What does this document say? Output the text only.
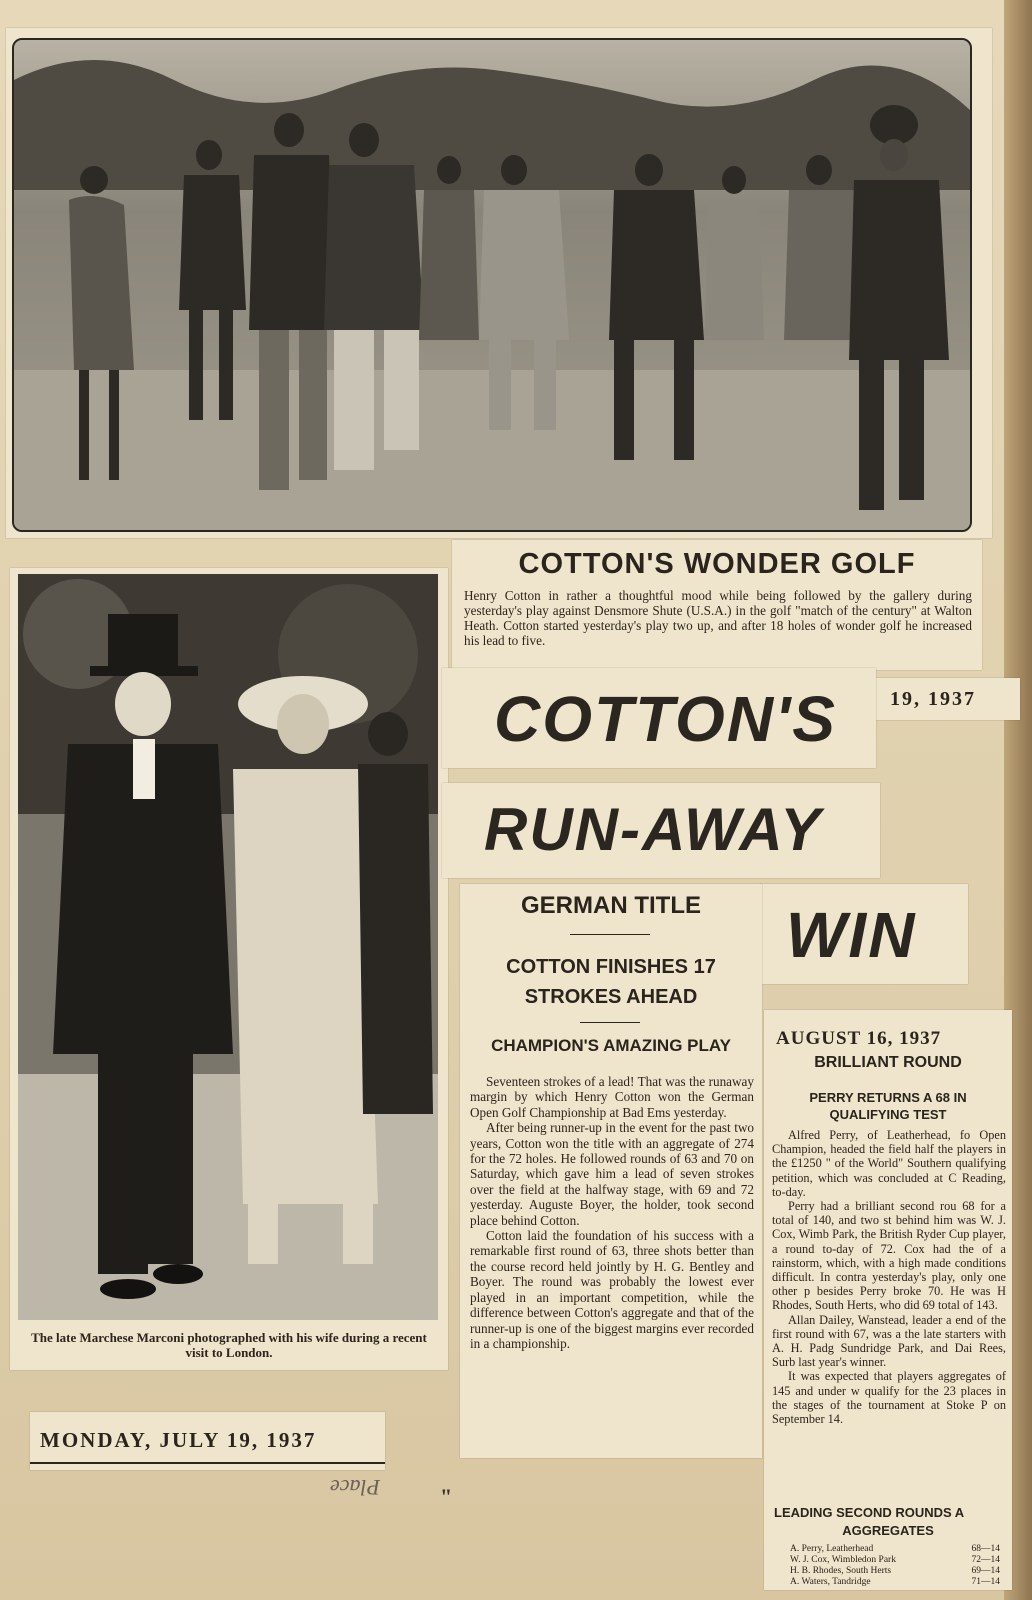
COTTON'S WONDER GOLF
Henry Cotton in rather a thoughtful mood while being followed by the gallery during yesterday's play against Densmore Shute (U.S.A.) in the golf "match of the century" at Walton Heath. Cotton started yesterday's play two up, and after 18 holes of wonder golf he increased his lead to five.
The late Marchese Marconi photographed with his wife during a recent visit to London.
MONDAY, JULY 19, 1937
19, 1937
COTTON'S
RUN-AWAY
WIN
GERMAN TITLE
COTTON FINISHES 17
STROKES AHEAD
CHAMPION'S AMAZING PLAY

Seventeen strokes of a lead! That was the runaway margin by which Henry Cotton won the German Open Golf Championship at Bad Ems yesterday.

After being runner-up in the event for the past two years, Cotton won the title with an aggregate of 274 for the 72 holes. He followed rounds of 63 and 70 on Saturday, which gave him a lead of seven strokes over the field at the halfway stage, with 69 and 72 yesterday. Auguste Boyer, the holder, took second place behind Cotton.

Cotton laid the foundation of his success with a remarkable first round of 63, three shots better than the course record held jointly by H. G. Bentley and Boyer. The round was probably the lowest ever played in an important competition, while the difference between Cotton's aggregate and that of the runner-up is one of the biggest margins ever recorded in a championship.

AUGUST 16, 1937
BRILLIANT ROUND
PERRY RETURNS A 68 IN
QUALIFYING TEST

Alfred Perry, of Leatherhead, fo Open Champion, headed the field half the players in the £1250 " of the World" Southern qualifying petition, which was concluded at C Reading, to-day.

Perry had a brilliant second rou 68 for a total of 140, and two st behind him was W. J. Cox, Wimb Park, the British Ryder Cup player, a round to-day of 72. Cox had the of a rainstorm, which, with a high made conditions difficult. In contra yesterday's play, only one other p besides Perry broke 70. He was H Rhodes, South Herts, who did 69 total of 143.

Allan Dailey, Wanstead, leader a end of the first round with 67, was a the late starters with A. H. Padg Sundridge Park, and Dai Rees, Surb last year's winner.

It was expected that players aggregates of 145 and under w qualify for the 23 places in the stages of the tournament at Stoke P on September 14.

LEADING SECOND ROUNDS A
AGGREGATES
A. Perry, Leatherhead	68—14
W. J. Cox, Wimbledon Park	72—14
H. B. Rhodes, South Herts	69—14
A. Waters, Tandridge	71—14
Place	"
